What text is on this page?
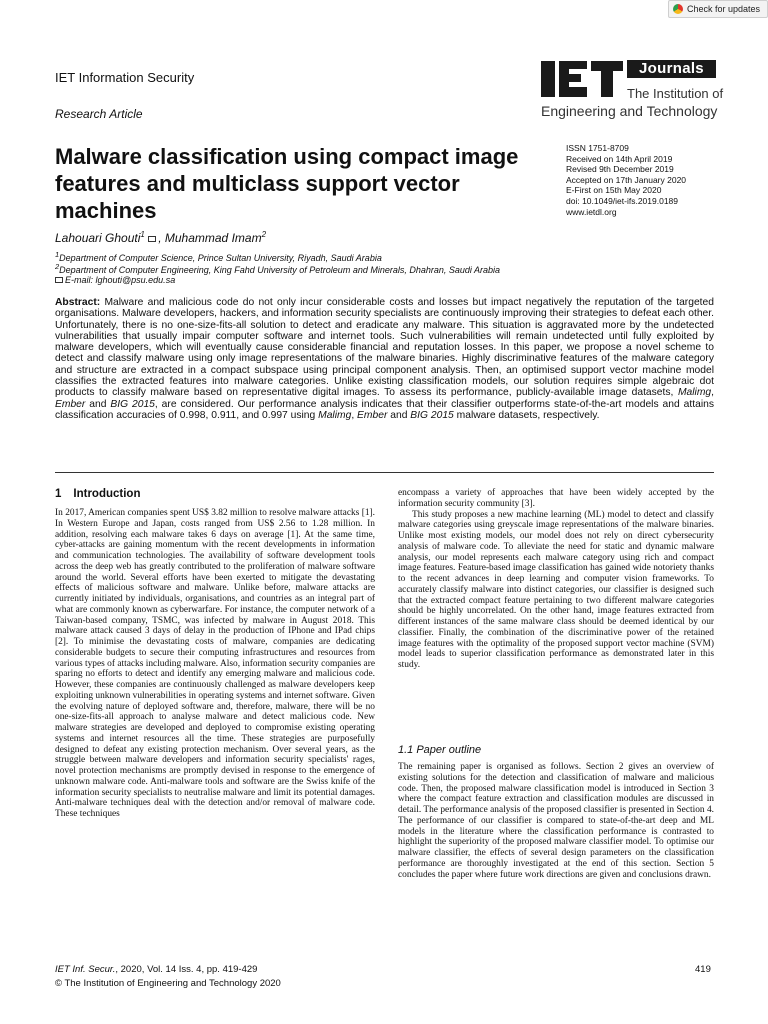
Check for updates
IET Information Security
Research Article
Journals
The Institution of
Engineering and Technology
Malware classification using compact image features and multiclass support vector machines
ISSN 1751-8709
Received on 14th April 2019
Revised 9th December 2019
Accepted on 17th January 2020
E-First on 15th May 2020
doi: 10.1049/iet-ifs.2019.0189
www.ietdl.org
Lahouari Ghouti$^1$ , Muhammad Imam$^2$
$^1$Department of Computer Science, Prince Sultan University, Riyadh, Saudi Arabia
$^2$Department of Computer Engineering, King Fahd University of Petroleum and Minerals, Dhahran, Saudi Arabia
E-mail: lghouti@psu.edu.sa
Abstract: Malware and malicious code do not only incur considerable costs and losses but impact negatively the reputation of the targeted organisations. Malware developers, hackers, and information security specialists are continuously improving their strategies to defeat each other. Unfortunately, there is no one-size-fits-all solution to detect and eradicate any malware. This situation is aggravated more by the undetected vulnerabilities that usually impair computer software and internet tools. Such vulnerabilities will remain undetected until fully exploited by malware developers, which will eventually cause considerable financial and reputation losses. In this paper, we propose a novel scheme to detect and classify malware using only image representations of the malware binaries. Highly discriminative features of the malware category and structure are extracted in a compact subspace using principal component analysis. Then, an optimised support vector machine model classifies the extracted features into malware categories. Unlike existing classification models, our solution requires simple algebraic dot products to classify malware based on representative digital images. To assess its performance, publicly-available image datasets, Malimg, Ember and BIG 2015, are considered. Our performance analysis indicates that their classifier outperforms state-of-the-art models and attains classification accuracies of 0.998, 0.911, and 0.997 using Malimg, Ember and BIG 2015 malware datasets, respectively.
1 Introduction
In 2017, American companies spent US$ 3.82 million to resolve malware attacks [1]. In Western Europe and Japan, costs ranged from US$ 2.56 to 1.28 million. In addition, resolving each malware takes 6 days on average [1]. At the same time, cyber-attacks are gaining momentum with the recent developments in information and communication technologies. The availability of software development tools across the deep web has greatly contributed to the proliferation of malware software around the world. Several efforts have been exerted to mitigate the devastating effects of malicious software and malware. Unlike before, malware attacks are currently initiated by individuals, organisations, and countries as an integral part of what are commonly known as cyberwarfare. For instance, the computer network of a Taiwan-based company, TSMC, was infected by malware in August 2018. This malware attack caused 3 days of delay in the production of IPhone and IPad chips [2]. To minimise the devastating costs of malware, companies are dedicating considerable budgets to secure their computing infrastructures and resources from various types of attacks including malware. Also, information security companies are sparing no efforts to detect and identify any emerging malware and malicious code. However, these companies are continuously challenged as malware developers keep exploiting unknown vulnerabilities in operating systems and internet software. Given the evolving nature of deployed software and, therefore, malware, there will be no one-size-fits-all approach to analyse malware and detect malicious code. New malware strategies are developed and deployed to compromise existing operating systems and internet resources all the time. These strategies are purposefully designed to defeat any existing protection mechanism. Over several years, as the struggle between malware developers and information security specialists' rages, novel protection mechanisms are promptly devised in response to the emergence of unknown malware code. Anti-malware tools and software are the Swiss knife of the information security specialists to neutralise malware and limit its potential damages. Anti-malware techniques deal with the detection and/or removal of malware code. These techniques
encompass a variety of approaches that have been widely accepted by the information security community [3].
This study proposes a new machine learning (ML) model to detect and classify malware categories using greyscale image representations of the malware binaries. Unlike most existing models, our model does not rely on direct cybersecurity analysis of malware code. To alleviate the need for static and dynamic malware analysis, our model represents each malware category using rich and compact image features. Feature-based image classification has gained wide notoriety thanks to the recent advances in deep learning and computer vision frameworks. To accurately classify malware into distinct categories, our classifier is designed such that the extracted compact feature pertaining to two different malware categories should be highly uncorrelated. On the other hand, image features extracted from different instances of the same malware class should be deemed identical by our classifier. Finally, the combination of the discriminative power of the retained image features with the optimality of the proposed support vector machine (SVM) model leads to superior classification performance as demonstrated later in this study.
1.1 Paper outline
The remaining paper is organised as follows. Section 2 gives an overview of existing solutions for the detection and classification of malware and malicious code. Then, the proposed malware classification model is introduced in Section 3 where the compact feature extraction and classification modules are discussed in detail. The performance analysis of the proposed classifier is presented in Section 4. The performance of our classifier is compared to state-of-the-art deep and ML models in the literature where the classification performance is contrasted to highlight the superiority of the proposed malware classifier model. To optimise our malware classifier, the effects of several design parameters on the classification performance are thoroughly investigated at the end of this section. Section 5 concludes the paper where future work directions are given and conclusions drawn.
IET Inf. Secur., 2020, Vol. 14 Iss. 4, pp. 419-429
© The Institution of Engineering and Technology 2020
419
